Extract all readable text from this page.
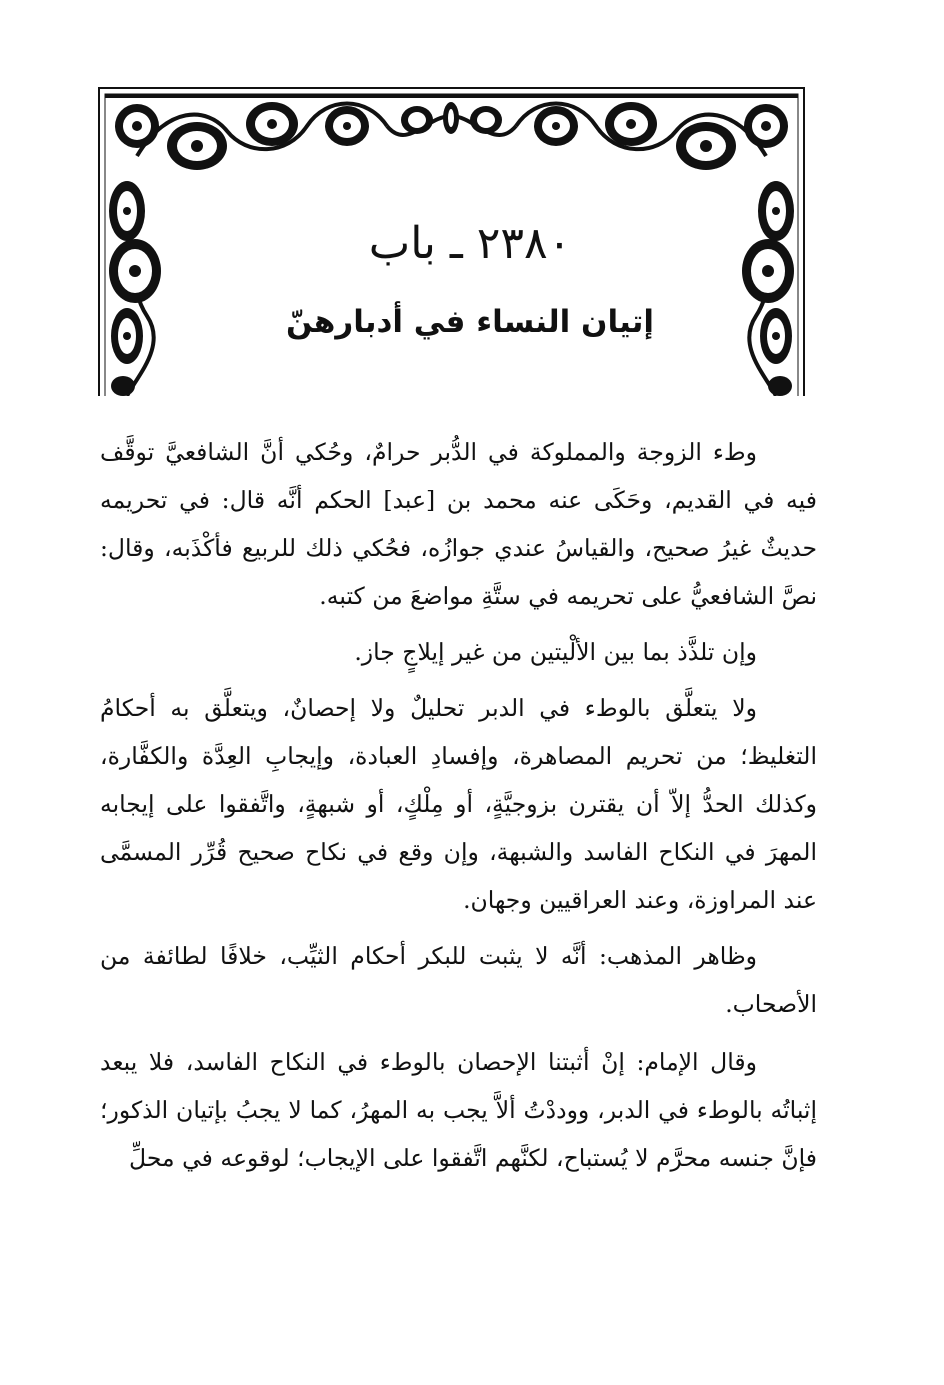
٢٣٨٠ ـ باب
إتيان النساء في أدبارهنّ

وطء الزوجة والمملوكة في الدُّبر حرامٌ، وحُكي أنَّ الشافعيَّ توقَّف فيه في القديم، وحَكَى عنه محمد بن [عبد] الحكم أنَّه قال: في تحريمه حديثٌ غيرُ صحيح، والقياسُ عندي جوازُه، فحُكي ذلك للربيع فأكْذَبه، وقال: نصَّ الشافعيُّ على تحريمه في ستَّةِ مواضعَ من كتبه.

وإن تلذَّذ بما بين الألْيتين من غير إيلاجٍ جاز.

ولا يتعلَّق بالوطء في الدبر تحليلٌ ولا إحصانٌ، ويتعلَّق به أحكامُ التغليظ؛ من تحريم المصاهرة، وإفسادِ العبادة، وإيجابِ العِدَّة والكفَّارة، وكذلك الحدُّ إلاّ أن يقترن بزوجيَّةٍ، أو مِلْكٍ، أو شبهةٍ، واتَّفقوا على إيجابه المهرَ في النكاح الفاسد والشبهة، وإن وقع في نكاح صحيح قُرِّر المسمَّى عند المراوزة، وعند العراقيين وجهان.

وظاهر المذهب: أنَّه لا يثبت للبكر أحكام الثيِّب، خلافًا لطائفة من الأصحاب.

وقال الإمام: إنْ أثبتنا الإحصان بالوطء في النكاح الفاسد، فلا يبعد إثباتُه بالوطء في الدبر، ووددْتُ ألاَّ يجب به المهرُ، كما لا يجبُ بإتيان الذكور؛ فإنَّ جنسه محرَّم لا يُستباح، لكنَّهم اتَّفقوا على الإيجاب؛ لوقوعه في محلِّ
